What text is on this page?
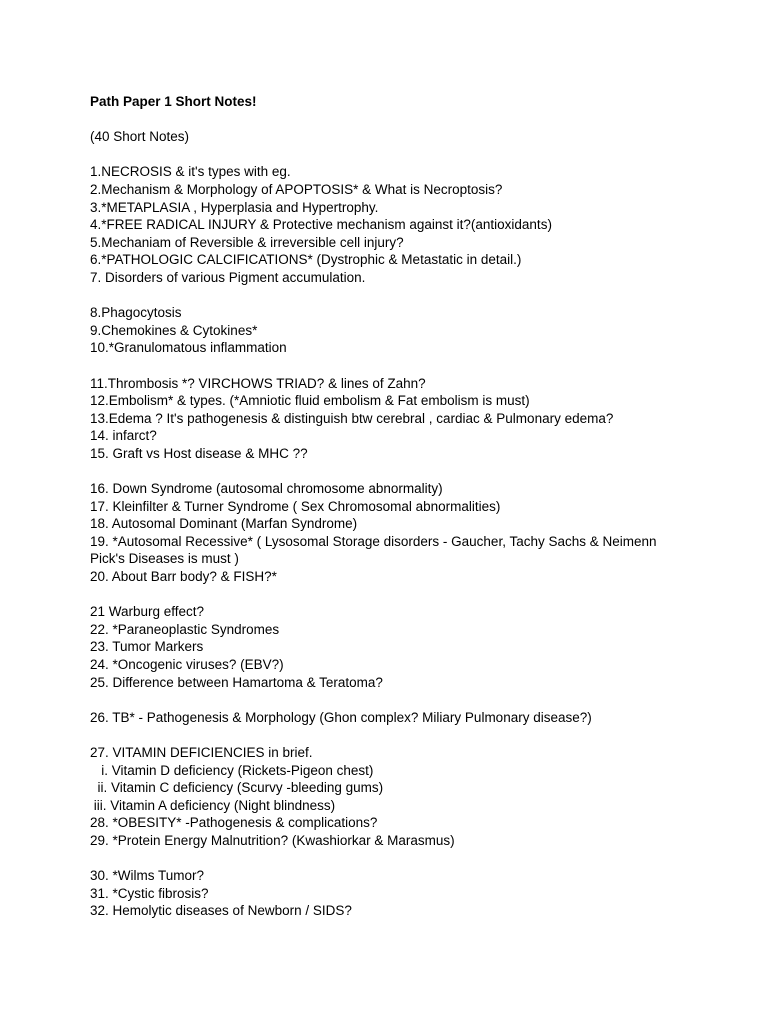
Path Paper 1 Short Notes!

(40 Short Notes)

1.NECROSIS & it's types with eg.

2.Mechanism & Morphology of APOPTOSIS* & What is Necroptosis?

3.*METAPLASIA , Hyperplasia and Hypertrophy.

4.*FREE RADICAL INJURY & Protective mechanism against it?(antioxidants)

5.Mechaniam of Reversible & irreversible cell injury?

6.*PATHOLOGIC CALCIFICATIONS* (Dystrophic & Metastatic in detail.)

7. Disorders of various Pigment accumulation.

8.Phagocytosis

9.Chemokines & Cytokines*

10.*Granulomatous inflammation

11.Thrombosis *? VIRCHOWS TRIAD? & lines of Zahn?

12.Embolism* & types. (*Amniotic fluid embolism & Fat embolism is must)

13.Edema ? It's pathogenesis & distinguish btw cerebral , cardiac & Pulmonary edema?

14. infarct?

15. Graft vs Host disease & MHC ??

16. Down Syndrome (autosomal chromosome abnormality)

17. Kleinfilter & Turner Syndrome ( Sex Chromosomal abnormalities)

18. Autosomal Dominant (Marfan Syndrome)

19. *Autosomal Recessive* ( Lysosomal Storage disorders - Gaucher, Tachy Sachs & Neimenn

Pick's Diseases is must )

20. About Barr body? & FISH?*

21 Warburg effect?

22. *Paraneoplastic Syndromes

23. Tumor Markers

24. *Oncogenic viruses? (EBV?)

25. Difference between Hamartoma & Teratoma?

26. TB* - Pathogenesis & Morphology (Ghon complex? Miliary Pulmonary disease?)

27. VITAMIN DEFICIENCIES in brief.

i. Vitamin D deficiency (Rickets-Pigeon chest)

ii. Vitamin C deficiency (Scurvy -bleeding gums)

iii. Vitamin A deficiency (Night blindness)

28. *OBESITY* -Pathogenesis & complications?

29. *Protein Energy Malnutrition? (Kwashiorkar & Marasmus)

30. *Wilms Tumor?

31. *Cystic fibrosis?

32. Hemolytic diseases of Newborn / SIDS?
